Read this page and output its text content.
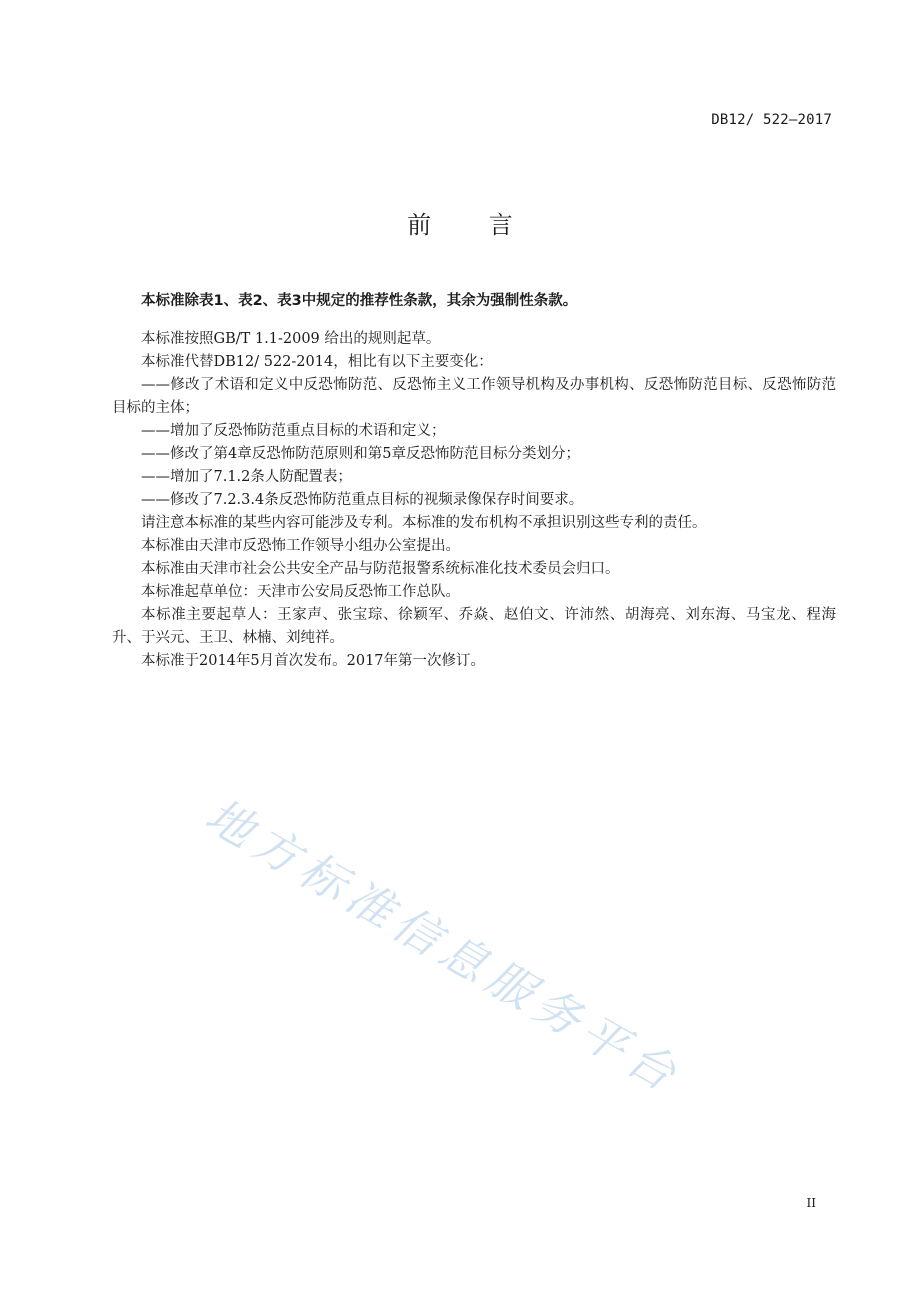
DB12/ 522—2017
前 言

本标准除表1、表2、表3中规定的推荐性条款，其余为强制性条款。

本标准按照GB/T 1.1-2009 给出的规则起草。

本标准代替DB12/ 522-2014，相比有以下主要变化：

——修改了术语和定义中反恐怖防范、反恐怖主义工作领导机构及办事机构、反恐怖防范目标、反恐怖防范目标的主体；

——增加了反恐怖防范重点目标的术语和定义；

——修改了第4章反恐怖防范原则和第5章反恐怖防范目标分类划分；

——增加了7.1.2条人防配置表；

——修改了7.2.3.4条反恐怖防范重点目标的视频录像保存时间要求。

请注意本标准的某些内容可能涉及专利。本标准的发布机构不承担识别这些专利的责任。

本标准由天津市反恐怖工作领导小组办公室提出。

本标准由天津市社会公共安全产品与防范报警系统标准化技术委员会归口。

本标准起草单位：天津市公安局反恐怖工作总队。

本标准主要起草人：王家声、张宝琮、徐颖军、乔焱、赵伯文、许沛然、胡海亮、刘东海、马宝龙、程海升、于兴元、王卫、林楠、刘纯祥。

本标准于2014年5月首次发布。2017年第一次修订。

地方标准信息服务平台
II
